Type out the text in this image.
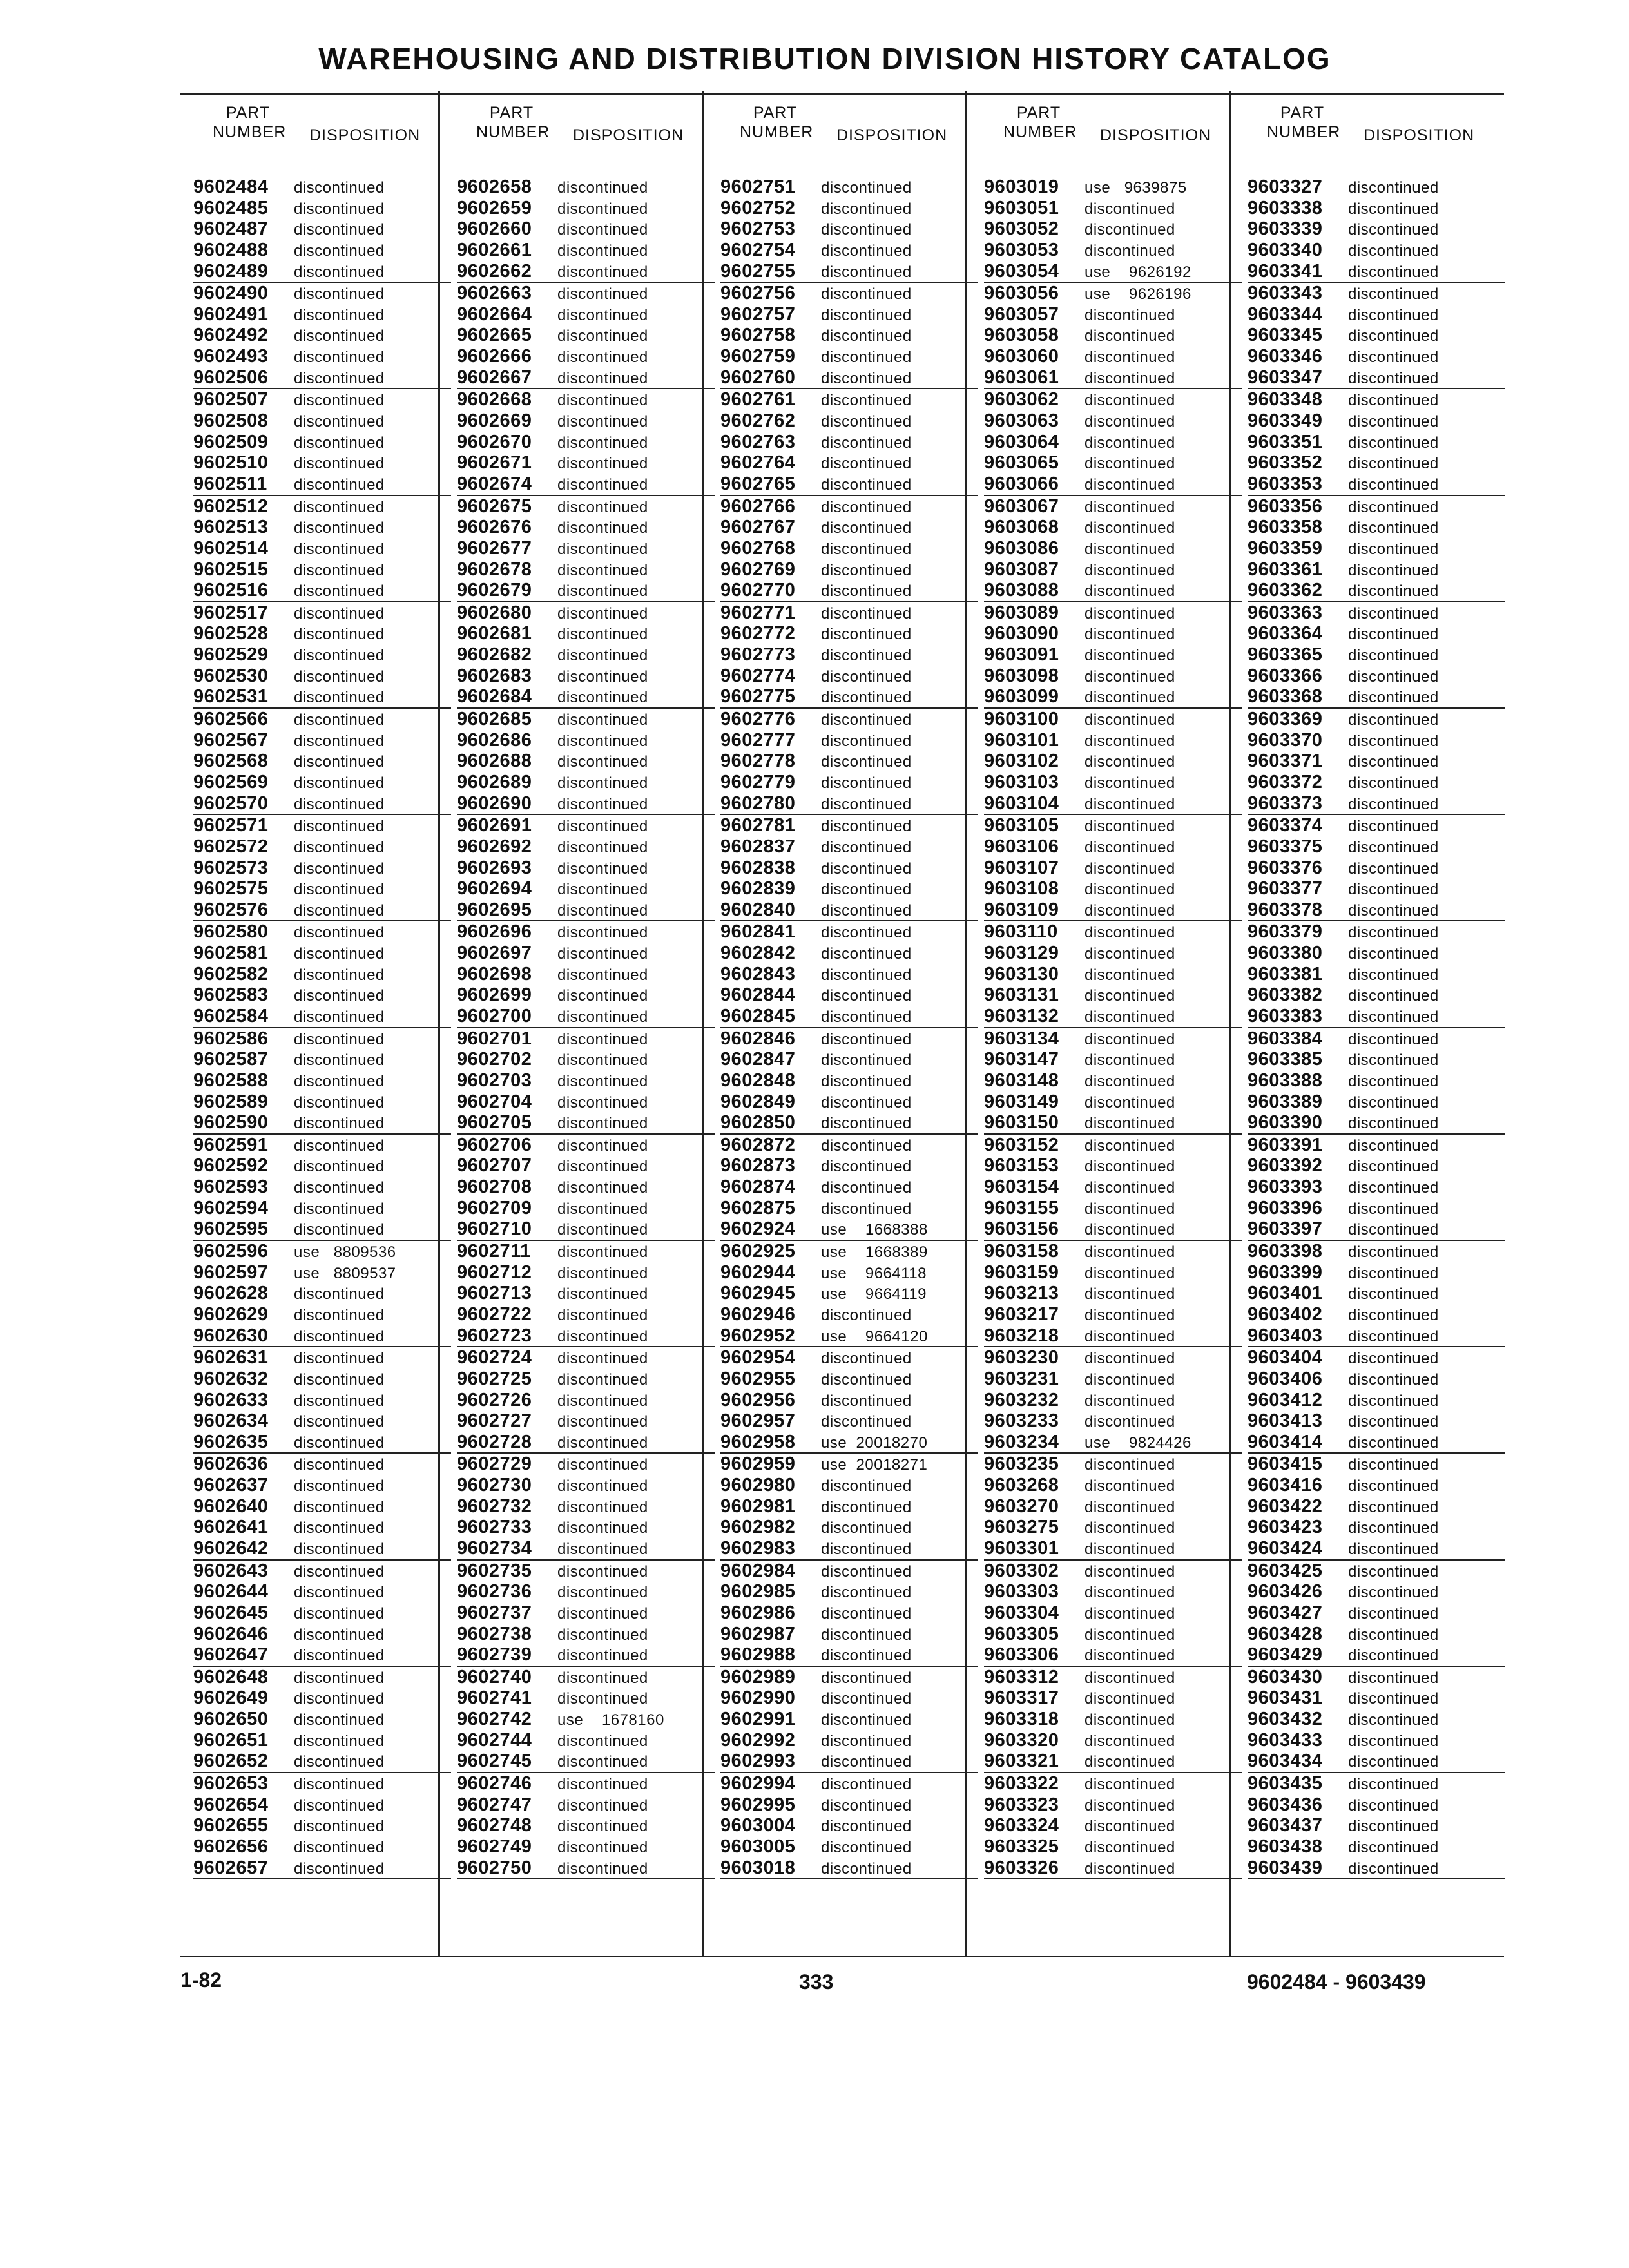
WAREHOUSING AND DISTRIBUTION DIVISION HISTORY CATALOG
PART NUMBER DISPOSITION
9602484 discontinued
9602485 discontinued
9602487 discontinued
9602488 discontinued
9602489 discontinued
9602490 discontinued
9602491 discontinued
9602492 discontinued
9602493 discontinued
9602506 discontinued
9602507 discontinued
9602508 discontinued
9602509 discontinued
9602510 discontinued
9602511 discontinued
9602512 discontinued
9602513 discontinued
9602514 discontinued
9602515 discontinued
9602516 discontinued
9602517 discontinued
9602528 discontinued
9602529 discontinued
9602530 discontinued
9602531 discontinued
9602566 discontinued
9602567 discontinued
9602568 discontinued
9602569 discontinued
9602570 discontinued
9602571 discontinued
9602572 discontinued
9602573 discontinued
9602575 discontinued
9602576 discontinued
9602580 discontinued
9602581 discontinued
9602582 discontinued
9602583 discontinued
9602584 discontinued
9602586 discontinued
9602587 discontinued
9602588 discontinued
9602589 discontinued
9602590 discontinued
9602591 discontinued
9602592 discontinued
9602593 discontinued
9602594 discontinued
9602595 discontinued
9602596 use   8809536
9602597 use   8809537
9602628 discontinued
9602629 discontinued
9602630 discontinued
9602631 discontinued
9602632 discontinued
9602633 discontinued
9602634 discontinued
9602635 discontinued
9602636 discontinued
9602637 discontinued
9602640 discontinued
9602641 discontinued
9602642 discontinued
9602643 discontinued
9602644 discontinued
9602645 discontinued
9602646 discontinued
9602647 discontinued
9602648 discontinued
9602649 discontinued
9602650 discontinued
9602651 discontinued
9602652 discontinued
9602653 discontinued
9602654 discontinued
9602655 discontinued
9602656 discontinued
9602657 discontinued
PART NUMBER DISPOSITION
9602658 discontinued
9602659 discontinued
9602660 discontinued
9602661 discontinued
9602662 discontinued
9602663 discontinued
9602664 discontinued
9602665 discontinued
9602666 discontinued
9602667 discontinued
9602668 discontinued
9602669 discontinued
9602670 discontinued
9602671 discontinued
9602674 discontinued
9602675 discontinued
9602676 discontinued
9602677 discontinued
9602678 discontinued
9602679 discontinued
9602680 discontinued
9602681 discontinued
9602682 discontinued
9602683 discontinued
9602684 discontinued
9602685 discontinued
9602686 discontinued
9602688 discontinued
9602689 discontinued
9602690 discontinued
9602691 discontinued
9602692 discontinued
9602693 discontinued
9602694 discontinued
9602695 discontinued
9602696 discontinued
9602697 discontinued
9602698 discontinued
9602699 discontinued
9602700 discontinued
9602701 discontinued
9602702 discontinued
9602703 discontinued
9602704 discontinued
9602705 discontinued
9602706 discontinued
9602707 discontinued
9602708 discontinued
9602709 discontinued
9602710 discontinued
9602711 discontinued
9602712 discontinued
9602713 discontinued
9602722 discontinued
9602723 discontinued
9602724 discontinued
9602725 discontinued
9602726 discontinued
9602727 discontinued
9602728 discontinued
9602729 discontinued
9602730 discontinued
9602732 discontinued
9602733 discontinued
9602734 discontinued
9602735 discontinued
9602736 discontinued
9602737 discontinued
9602738 discontinued
9602739 discontinued
9602740 discontinued
9602741 discontinued
9602742 use    1678160
9602744 discontinued
9602745 discontinued
9602746 discontinued
9602747 discontinued
9602748 discontinued
9602749 discontinued
9602750 discontinued
PART NUMBER DISPOSITION
9602751 discontinued
9602752 discontinued
9602753 discontinued
9602754 discontinued
9602755 discontinued
9602756 discontinued
9602757 discontinued
9602758 discontinued
9602759 discontinued
9602760 discontinued
9602761 discontinued
9602762 discontinued
9602763 discontinued
9602764 discontinued
9602765 discontinued
9602766 discontinued
9602767 discontinued
9602768 discontinued
9602769 discontinued
9602770 discontinued
9602771 discontinued
9602772 discontinued
9602773 discontinued
9602774 discontinued
9602775 discontinued
9602776 discontinued
9602777 discontinued
9602778 discontinued
9602779 discontinued
9602780 discontinued
9602781 discontinued
9602837 discontinued
9602838 discontinued
9602839 discontinued
9602840 discontinued
9602841 discontinued
9602842 discontinued
9602843 discontinued
9602844 discontinued
9602845 discontinued
9602846 discontinued
9602847 discontinued
9602848 discontinued
9602849 discontinued
9602850 discontinued
9602872 discontinued
9602873 discontinued
9602874 discontinued
9602875 discontinued
9602924 use    1668388
9602925 use    1668389
9602944 use    9664118
9602945 use    9664119
9602946 discontinued
9602952 use    9664120
9602954 discontinued
9602955 discontinued
9602956 discontinued
9602957 discontinued
9602958 use  20018270
9602959 use  20018271
9602980 discontinued
9602981 discontinued
9602982 discontinued
9602983 discontinued
9602984 discontinued
9602985 discontinued
9602986 discontinued
9602987 discontinued
9602988 discontinued
9602989 discontinued
9602990 discontinued
9602991 discontinued
9602992 discontinued
9602993 discontinued
9602994 discontinued
9602995 discontinued
9603004 discontinued
9603005 discontinued
9603018 discontinued
PART NUMBER DISPOSITION
9603019 use   9639875
9603051 discontinued
9603052 discontinued
9603053 discontinued
9603054 use    9626192
9603056 use    9626196
9603057 discontinued
9603058 discontinued
9603060 discontinued
9603061 discontinued
9603062 discontinued
9603063 discontinued
9603064 discontinued
9603065 discontinued
9603066 discontinued
9603067 discontinued
9603068 discontinued
9603086 discontinued
9603087 discontinued
9603088 discontinued
9603089 discontinued
9603090 discontinued
9603091 discontinued
9603098 discontinued
9603099 discontinued
9603100 discontinued
9603101 discontinued
9603102 discontinued
9603103 discontinued
9603104 discontinued
9603105 discontinued
9603106 discontinued
9603107 discontinued
9603108 discontinued
9603109 discontinued
9603110 discontinued
9603129 discontinued
9603130 discontinued
9603131 discontinued
9603132 discontinued
9603134 discontinued
9603147 discontinued
9603148 discontinued
9603149 discontinued
9603150 discontinued
9603152 discontinued
9603153 discontinued
9603154 discontinued
9603155 discontinued
9603156 discontinued
9603158 discontinued
9603159 discontinued
9603213 discontinued
9603217 discontinued
9603218 discontinued
9603230 discontinued
9603231 discontinued
9603232 discontinued
9603233 discontinued
9603234 use    9824426
9603235 discontinued
9603268 discontinued
9603270 discontinued
9603275 discontinued
9603301 discontinued
9603302 discontinued
9603303 discontinued
9603304 discontinued
9603305 discontinued
9603306 discontinued
9603312 discontinued
9603317 discontinued
9603318 discontinued
9603320 discontinued
9603321 discontinued
9603322 discontinued
9603323 discontinued
9603324 discontinued
9603325 discontinued
9603326 discontinued
PART NUMBER DISPOSITION
9603327 discontinued
9603338 discontinued
9603339 discontinued
9603340 discontinued
9603341 discontinued
9603343 discontinued
9603344 discontinued
9603345 discontinued
9603346 discontinued
9603347 discontinued
9603348 discontinued
9603349 discontinued
9603351 discontinued
9603352 discontinued
9603353 discontinued
9603356 discontinued
9603358 discontinued
9603359 discontinued
9603361 discontinued
9603362 discontinued
9603363 discontinued
9603364 discontinued
9603365 discontinued
9603366 discontinued
9603368 discontinued
9603369 discontinued
9603370 discontinued
9603371 discontinued
9603372 discontinued
9603373 discontinued
9603374 discontinued
9603375 discontinued
9603376 discontinued
9603377 discontinued
9603378 discontinued
9603379 discontinued
9603380 discontinued
9603381 discontinued
9603382 discontinued
9603383 discontinued
9603384 discontinued
9603385 discontinued
9603388 discontinued
9603389 discontinued
9603390 discontinued
9603391 discontinued
9603392 discontinued
9603393 discontinued
9603396 discontinued
9603397 discontinued
9603398 discontinued
9603399 discontinued
9603401 discontinued
9603402 discontinued
9603403 discontinued
9603404 discontinued
9603406 discontinued
9603412 discontinued
9603413 discontinued
9603414 discontinued
9603415 discontinued
9603416 discontinued
9603422 discontinued
9603423 discontinued
9603424 discontinued
9603425 discontinued
9603426 discontinued
9603427 discontinued
9603428 discontinued
9603429 discontinued
9603430 discontinued
9603431 discontinued
9603432 discontinued
9603433 discontinued
9603434 discontinued
9603435 discontinued
9603436 discontinued
9603437 discontinued
9603438 discontinued
9603439 discontinued
1-82	333	9602484 - 9603439
